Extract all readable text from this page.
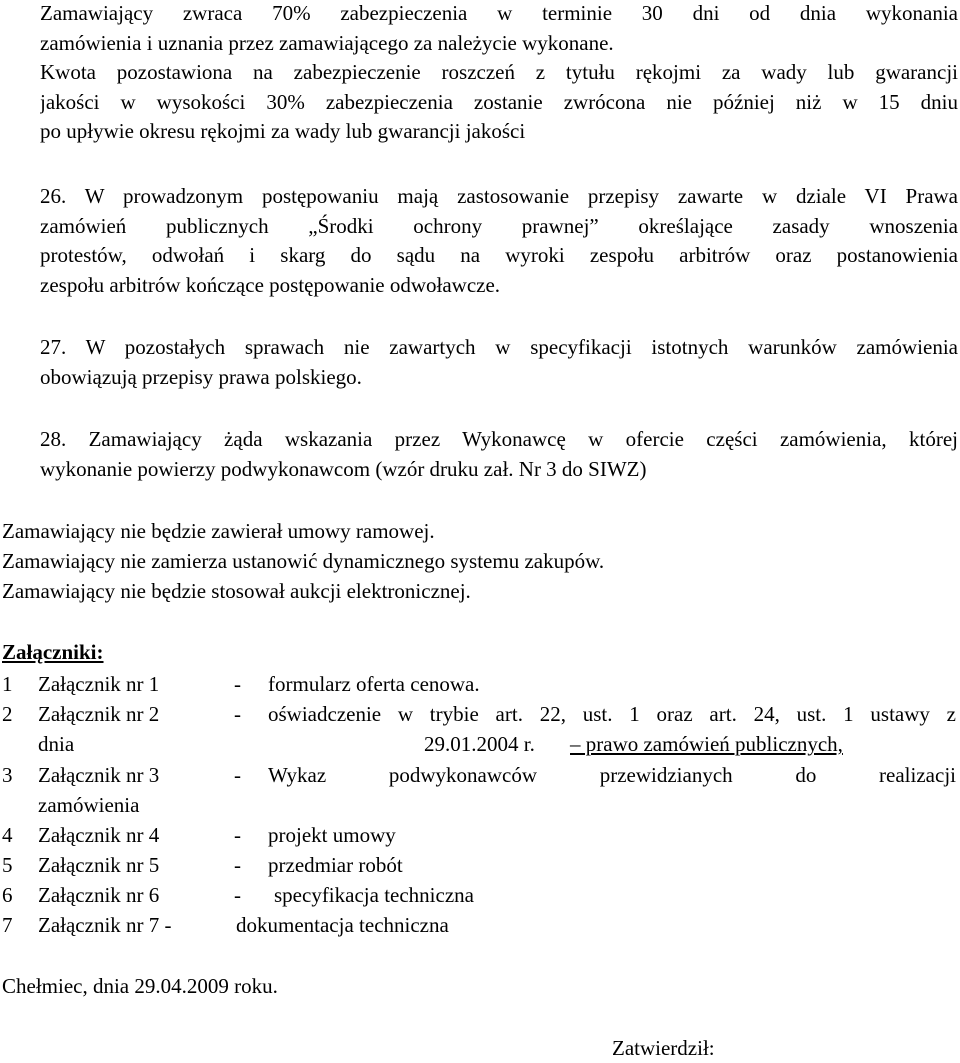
Zamawiający zwraca 70% zabezpieczenia w terminie 30 dni od dnia wykonania
zamówienia i uznania przez zamawiającego za należycie wykonane.
Kwota pozostawiona na zabezpieczenie roszczeń z tytułu rękojmi za wady lub gwarancji
jakości w wysokości 30% zabezpieczenia zostanie zwrócona nie później niż w 15 dniu
po upływie okresu rękojmi za wady lub gwarancji jakości
26. W prowadzonym postępowaniu mają zastosowanie przepisy zawarte w dziale VI Prawa
zamówień publicznych „Środki ochrony prawnej” określające zasady wnoszenia
protestów, odwołań i skarg do sądu na wyroki zespołu arbitrów oraz postanowienia
zespołu arbitrów kończące postępowanie odwoławcze.
27. W pozostałych sprawach nie zawartych w specyfikacji istotnych warunków zamówienia
obowiązują przepisy prawa polskiego.
28. Zamawiający żąda wskazania przez Wykonawcę w ofercie części zamówienia, której
wykonanie powierzy podwykonawcom (wzór druku zał. Nr 3 do SIWZ)
Zamawiający nie będzie zawierał umowy ramowej.
Zamawiający nie zamierza ustanowić dynamicznego systemu zakupów.
Zamawiający nie będzie stosował aukcji elektronicznej.
Załączniki:
1 Załącznik nr 1	- formularz oferta cenowa.
2 Załącznik nr 2	- oświadczenie w trybie art. 22, ust. 1 oraz art. 24, ust. 1 ustawy z
dnia	29.01.2004 r. – prawo zamówień publicznych,
3 Załącznik nr 3	- Wykaz podwykonawców przewidzianych do realizacji
zamówienia
4 Załącznik nr 4	- projekt umowy
5 Załącznik nr 5	- przedmiar robót
6 Załącznik nr 6	- specyfikacja techniczna
7 Załącznik nr 7 -	dokumentacja techniczna
Chełmiec, dnia 29.04.2009 roku.
Zatwierdził:
